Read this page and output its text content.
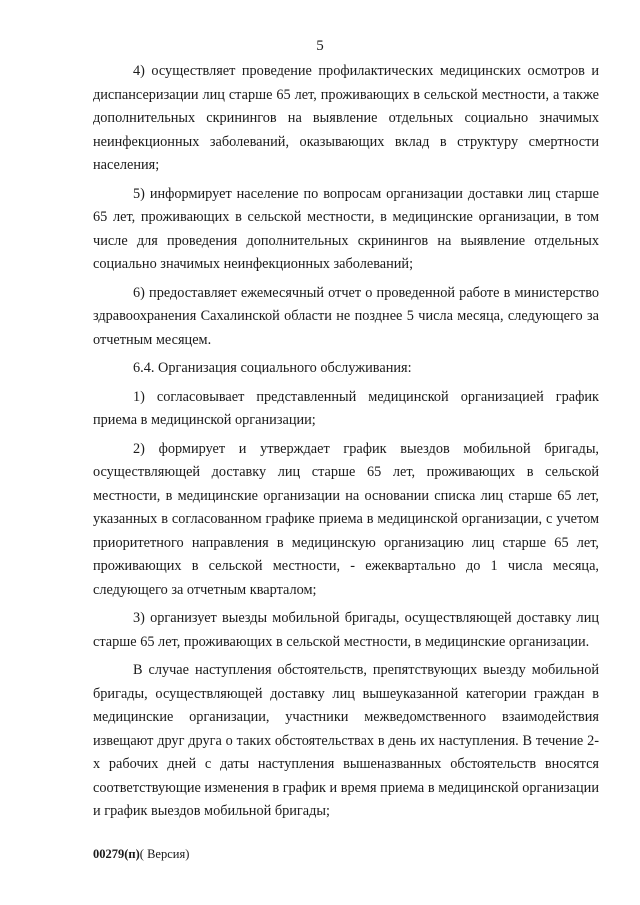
5

4) осуществляет проведение профилактических медицинских осмотров и диспансеризации лиц старше 65 лет, проживающих в сельской местности, а также дополнительных скринингов на выявление отдельных социально значимых неинфекционных заболеваний, оказывающих вклад в структуру смертности населения;

5) информирует население по вопросам организации доставки лиц старше 65 лет, проживающих в сельской местности, в медицинские организации, в том числе для проведения дополнительных скринингов на выявление отдельных социально значимых неинфекционных заболеваний;

6) предоставляет ежемесячный отчет о проведенной работе в министерство здравоохранения Сахалинской области не позднее 5 числа месяца, следующего за отчетным месяцем.

6.4. Организация социального обслуживания:

1) согласовывает представленный медицинской организацией график приема в медицинской организации;

2) формирует и утверждает график выездов мобильной бригады, осуществляющей доставку лиц старше 65 лет, проживающих в сельской местности, в медицинские организации на основании списка лиц старше 65 лет, указанных в согласованном графике приема в медицинской организации, с учетом приоритетного направления в медицинскую организацию лиц старше 65 лет, проживающих в сельской местности, - ежеквартально до 1 числа месяца, следующего за отчетным кварталом;

3) организует выезды мобильной бригады, осуществляющей доставку лиц старше 65 лет, проживающих в сельской местности, в медицинские организации.

В случае наступления обстоятельств, препятствующих выезду мобильной бригады, осуществляющей доставку лиц вышеуказанной категории граждан в медицинские организации, участники межведомственного взаимодействия извещают друг друга о таких обстоятельствах в день их наступления. В течение 2-х рабочих дней с даты наступления вышеназванных обстоятельств вносятся соответствующие изменения в график и время приема в медицинской организации и график выездов мобильной бригады;

00279(п)( Версия)
